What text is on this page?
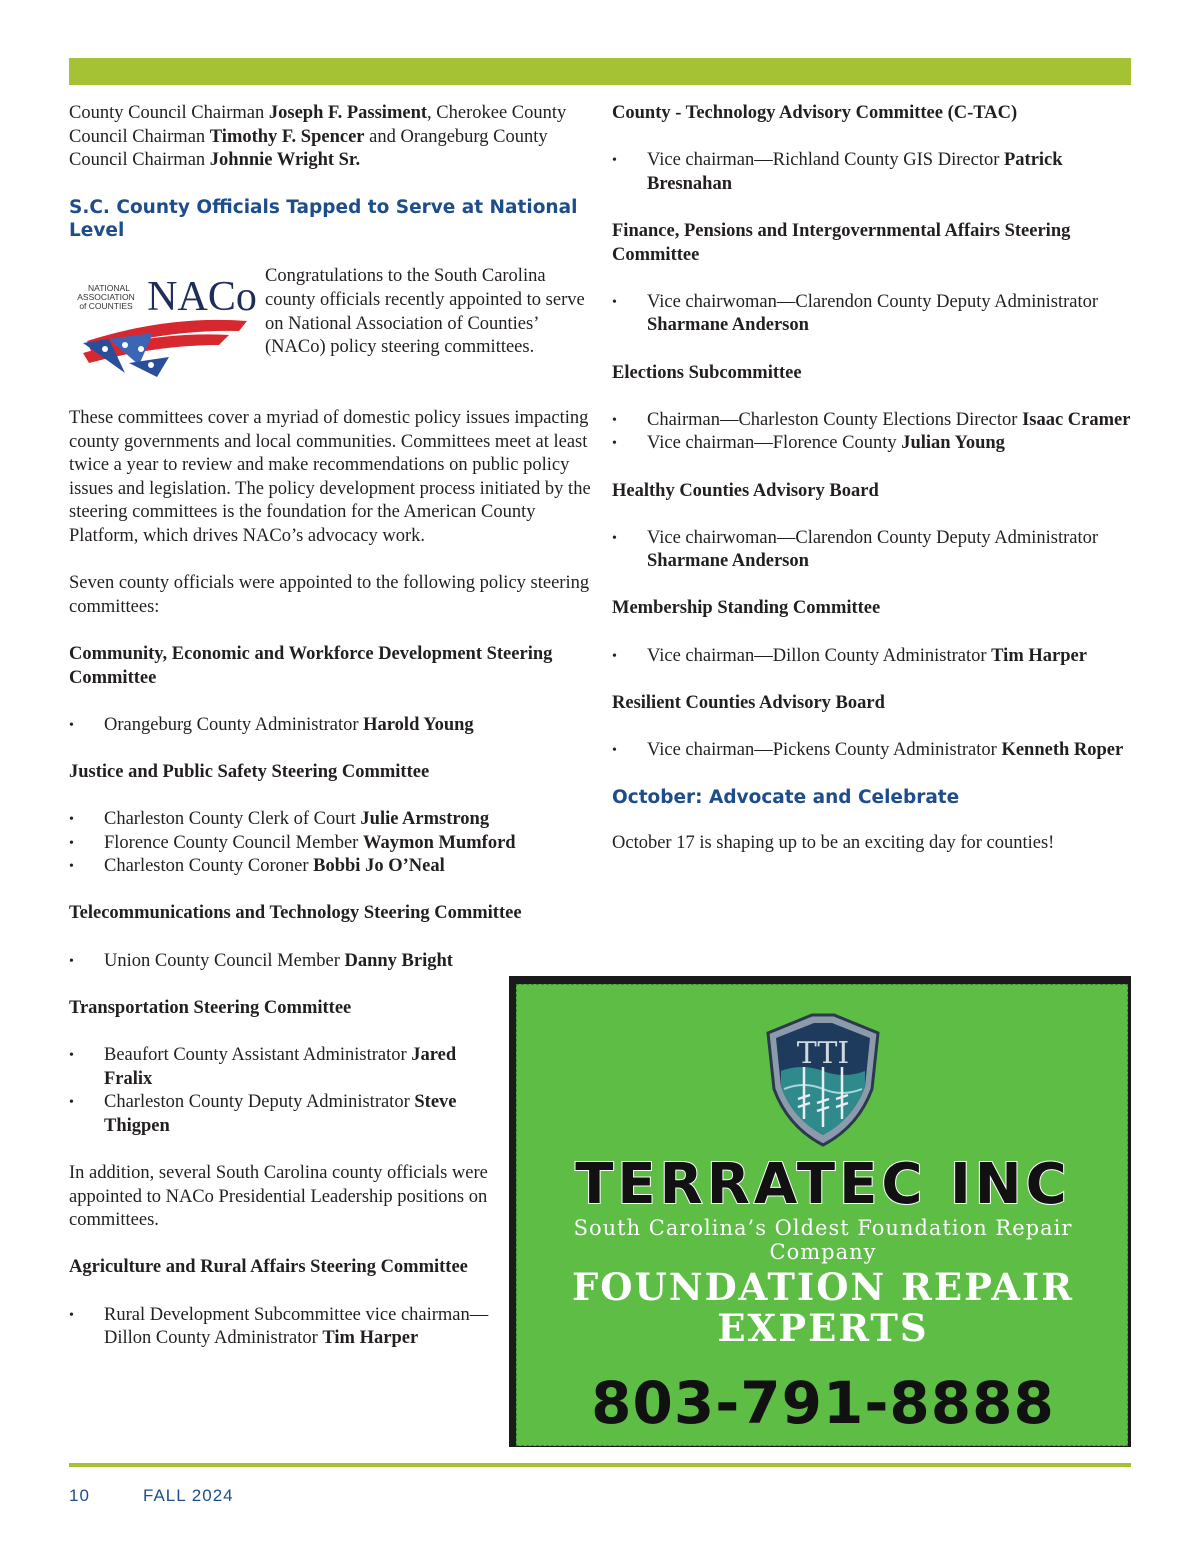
County Council Chairman Joseph F. Passiment, Cherokee County Council Chairman Timothy F. Spencer and Orangeburg County Council Chairman Johnnie Wright Sr.

S.C. County Officials Tapped to Serve at National Level
NATIONAL
ASSOCIATION
of COUNTIES NACo Congratulations to the South Carolina county officials recently appointed to serve on National Association of Counties’ (NACo) policy steering committees.

These committees cover a myriad of domestic policy issues impacting county governments and local communities. Committees meet at least twice a year to review and make recommendations on public policy issues and legislation. The policy development process initiated by the steering committees is the foundation for the American County Platform, which drives NACo’s advocacy work.

Seven county officials were appointed to the following policy steering committees:

Community, Economic and Workforce Development Steering Committee
• Orangeburg County Administrator Harold Young
Justice and Public Safety Steering Committee
• Charleston County Clerk of Court Julie Armstrong
• Florence County Council Member Waymon Mumford
• Charleston County Coroner Bobbi Jo O’Neal
Telecommunications and Technology Steering Committee
• Union County Council Member Danny Bright
Transportation Steering Committee
• Beaufort County Assistant Administrator Jared Fralix
• Charleston County Deputy Administrator Steve Thigpen

In addition, several South Carolina county officials were appointed to NACo Presidential Leadership positions on committees.

Agriculture and Rural Affairs Steering Committee
• Rural Development Subcommittee vice chairman—Dillon County Administrator Tim Harper
County - Technology Advisory Committee (C-TAC)
• Vice chairman—Richland County GIS Director Patrick Bresnahan
Finance, Pensions and Intergovernmental Affairs Steering Committee
• Vice chairwoman—Clarendon County Deputy Administrator Sharmane Anderson
Elections Subcommittee
• Chairman—Charleston County Elections Director Isaac Cramer
• Vice chairman—Florence County Julian Young
Healthy Counties Advisory Board
• Vice chairwoman—Clarendon County Deputy Administrator Sharmane Anderson
Membership Standing Committee
• Vice chairman—Dillon County Administrator Tim Harper
Resilient Counties Advisory Board
• Vice chairman—Pickens County Administrator Kenneth Roper
October: Advocate and Celebrate

October 17 is shaping up to be an exciting day for counties!

TTI
TERRATEC INC
South Carolina’s Oldest Foundation Repair Company
FOUNDATION REPAIR
EXPERTS
803-791-8888
10	FALL 2024
